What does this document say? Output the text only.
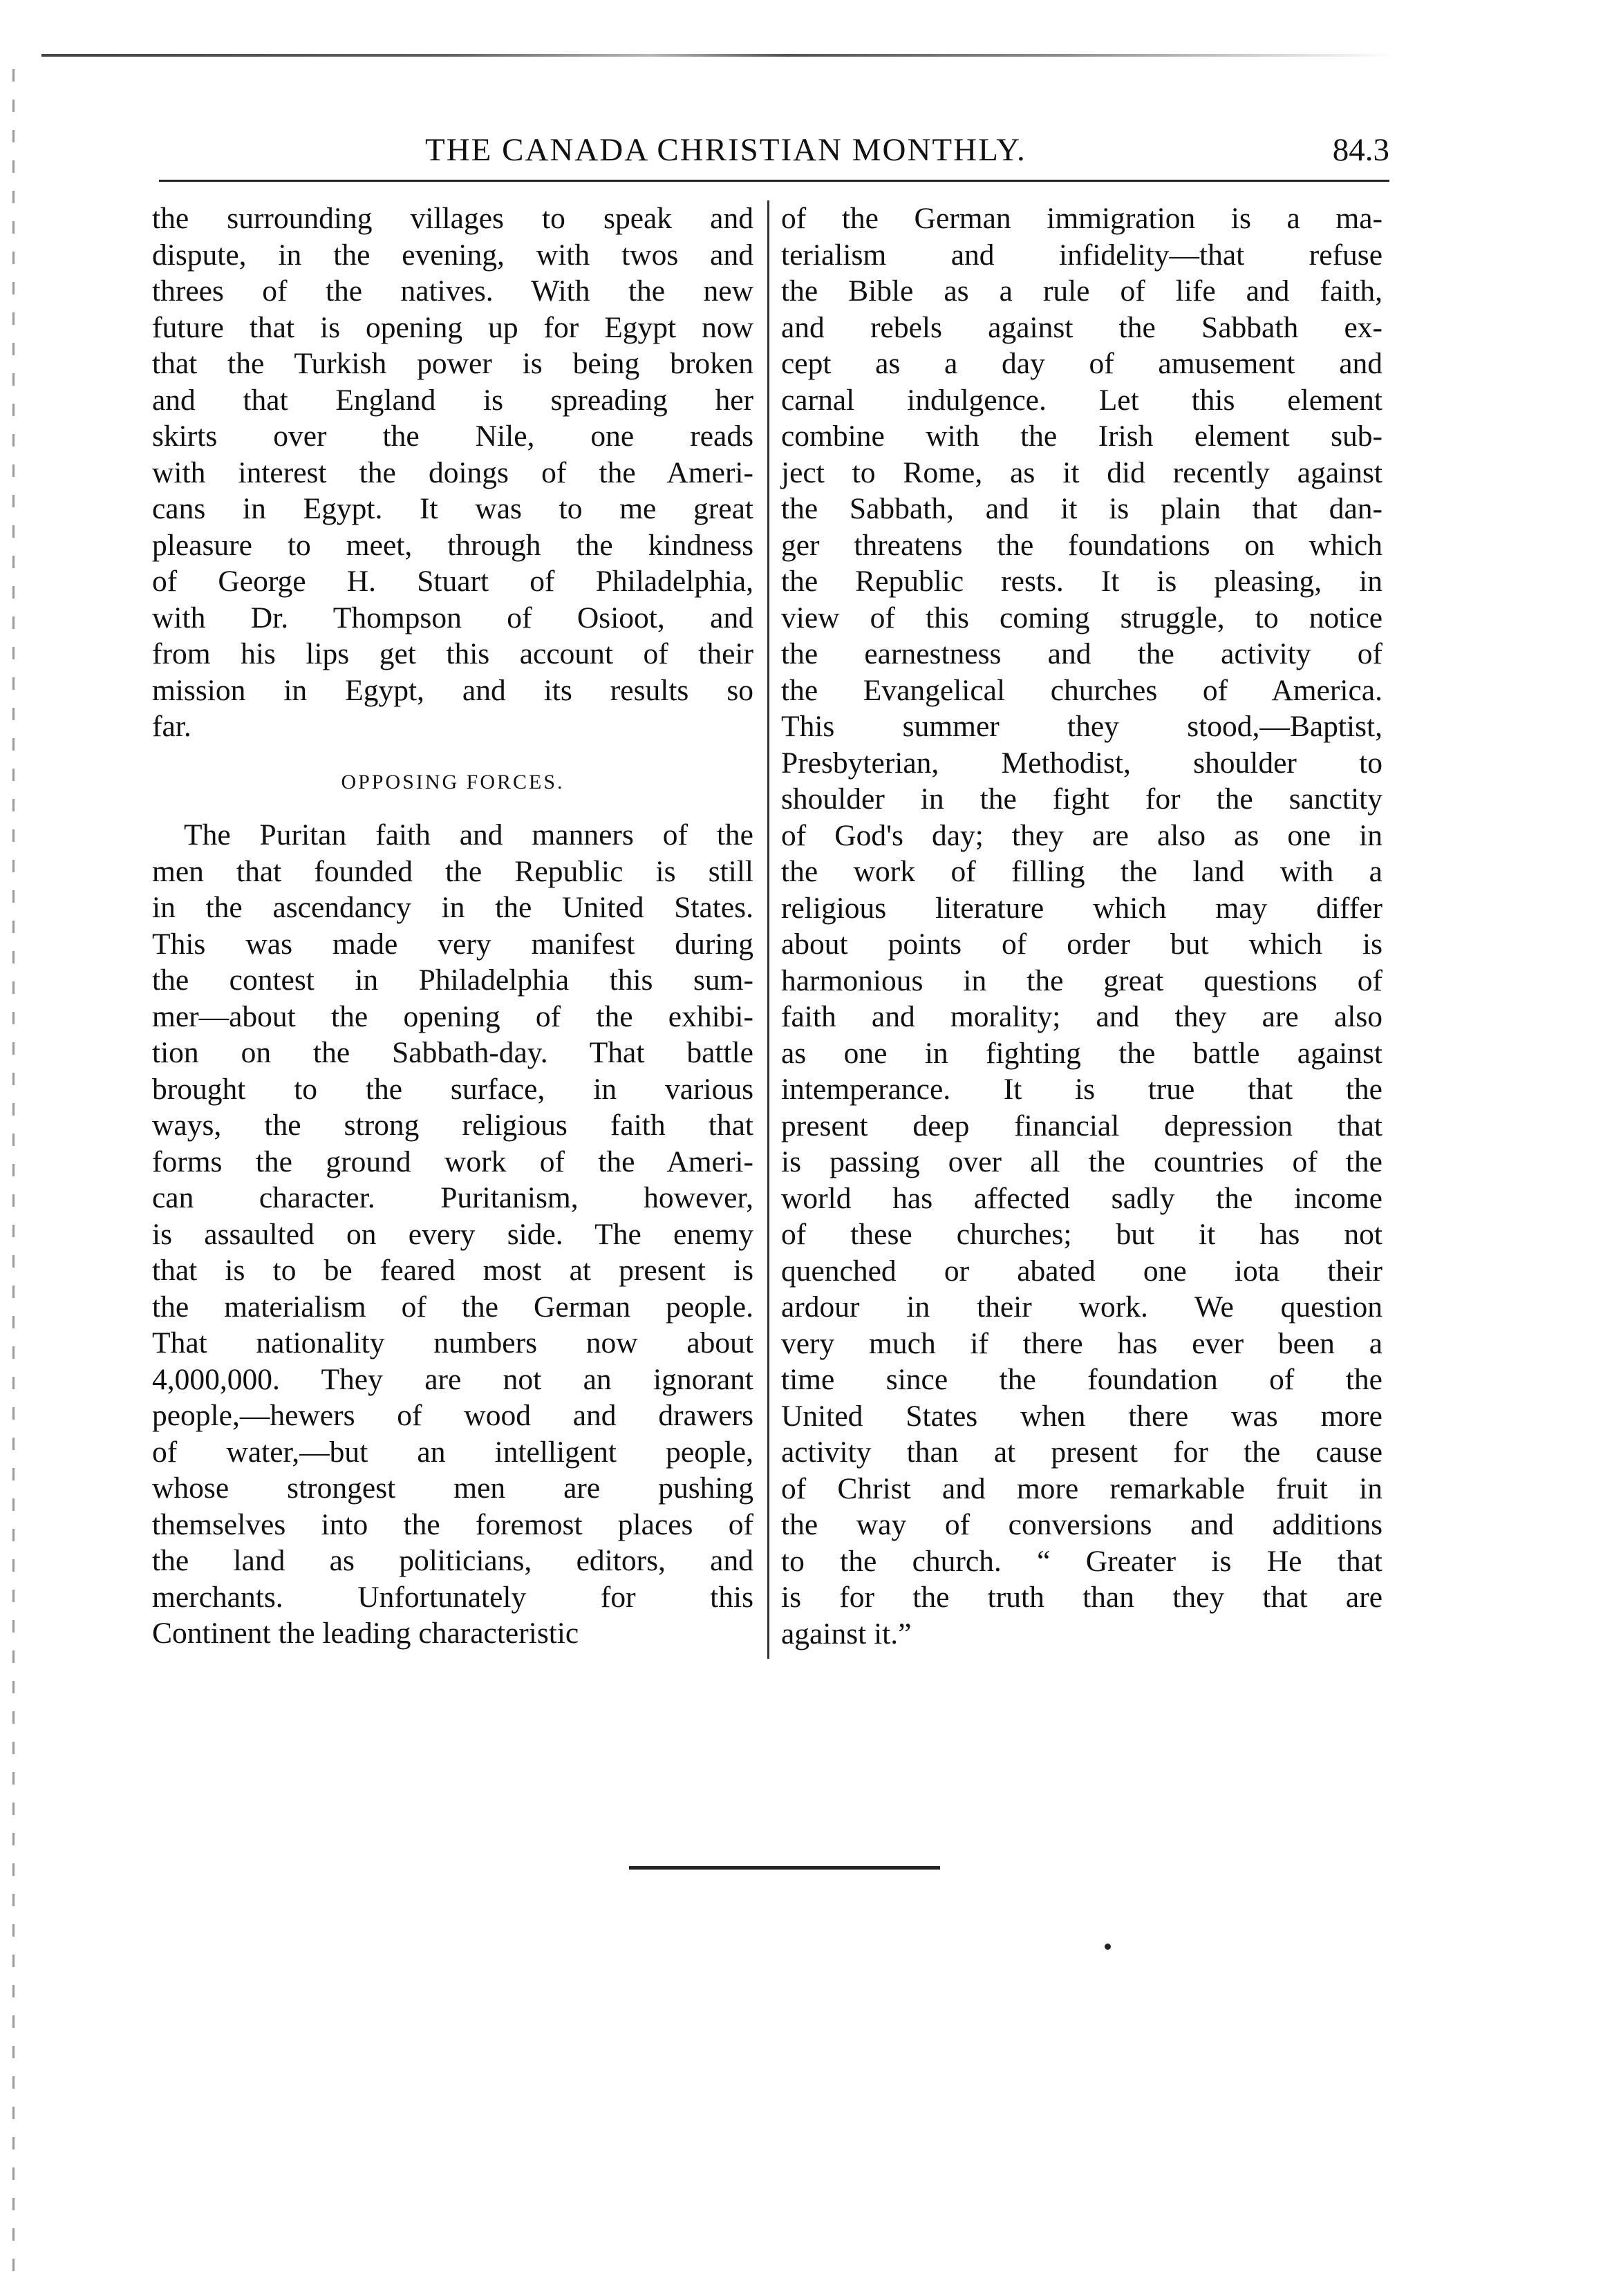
THE CANADA CHRISTIAN MONTHLY.	84.3
the surrounding villages to speak and
dispute, in the evening, with twos and
threes of the natives. With the new
future that is opening up for Egypt now
that the Turkish power is being broken
and that England is spreading her
skirts over the Nile, one reads
with interest the doings of the Ameri-
cans in Egypt. It was to me great
pleasure to meet, through the kindness
of George H. Stuart of Philadelphia,
with Dr. Thompson of Osioot, and
from his lips get this account of their
mission in Egypt, and its results so
far.
OPPOSING FORCES.
The Puritan faith and manners of the
men that founded the Republic is still
in the ascendancy in the United States.
This was made very manifest during
the contest in Philadelphia this sum-
mer—about the opening of the exhibi-
tion on the Sabbath-day. That battle
brought to the surface, in various
ways, the strong religious faith that
forms the ground work of the Ameri-
can character. Puritanism, however,
is assaulted on every side. The enemy
that is to be feared most at present is
the materialism of the German people.
That nationality numbers now about
4,000,000. They are not an ignorant
people,—hewers of wood and drawers
of water,—but an intelligent people,
whose strongest men are pushing
themselves into the foremost places of
the land as politicians, editors, and
merchants. Unfortunately for this
Continent the leading characteristic
of the German immigration is a ma-
terialism and infidelity—that refuse
the Bible as a rule of life and faith,
and rebels against the Sabbath ex-
cept as a day of amusement and
carnal indulgence. Let this element
combine with the Irish element sub-
ject to Rome, as it did recently against
the Sabbath, and it is plain that dan-
ger threatens the foundations on which
the Republic rests. It is pleasing, in
view of this coming struggle, to notice
the earnestness and the activity of
the Evangelical churches of America.
This summer they stood,—Baptist,
Presbyterian, Methodist, shoulder to
shoulder in the fight for the sanctity
of God's day; they are also as one in
the work of filling the land with a
religious literature which may differ
about points of order but which is
harmonious in the great questions of
faith and morality; and they are also
as one in fighting the battle against
intemperance. It is true that the
present deep financial depression that
is passing over all the countries of the
world has affected sadly the income
of these churches; but it has not
quenched or abated one iota their
ardour in their work. We question
very much if there has ever been a
time since the foundation of the
United States when there was more
activity than at present for the cause
of Christ and more remarkable fruit in
the way of conversions and additions
to the church. “ Greater is He that
is for the truth than they that are
against it.”
